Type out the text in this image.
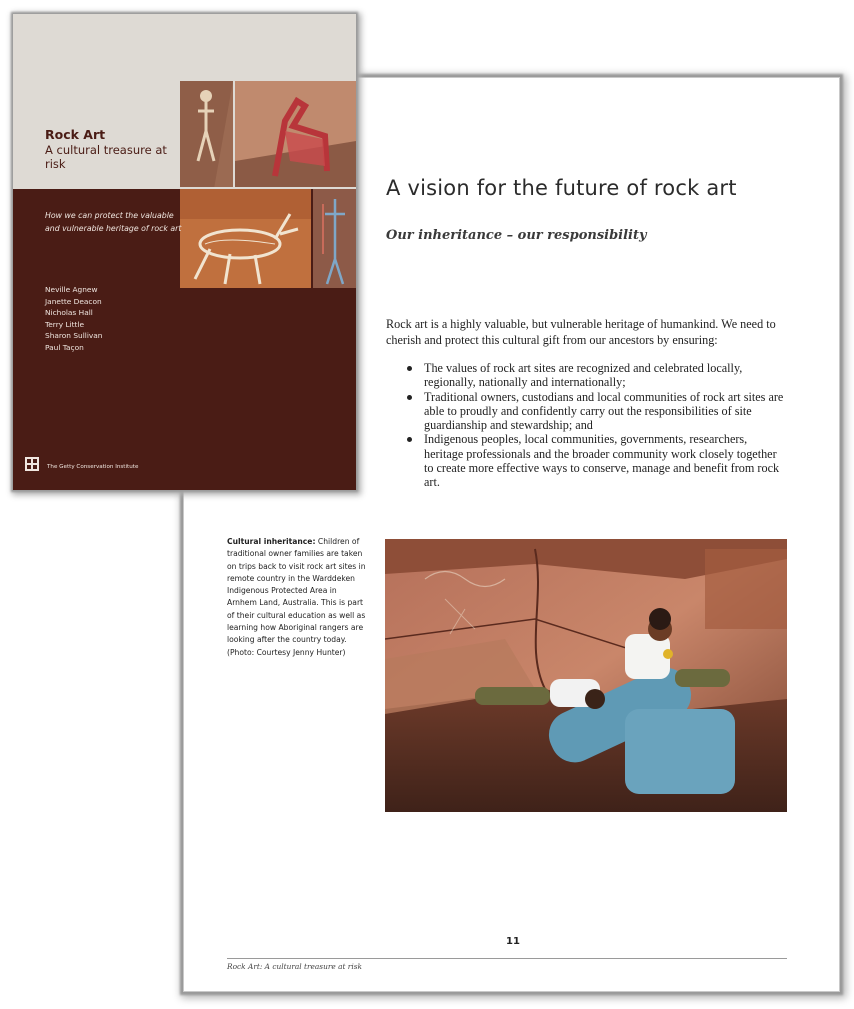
A vision for the future of rock art
Our inheritance – our responsibility

Rock art is a highly valuable, but vulnerable heritage of humankind. We need to cherish and protect this cultural gift from our ancestors by ensuring:

The values of rock art sites are recognized and celebrated locally, regionally, nationally and internationally;
Traditional owners, custodians and local communities of rock art sites are able to proudly and confidently carry out the responsibilities of site guardianship and stewardship; and
Indigenous peoples, local communities, governments, researchers, heritage professionals and the broader community work closely together to create more effective ways to conserve, manage and benefit from rock art.

Cultural inheritance: Children of traditional owner families are taken on trips back to visit rock art sites in remote country in the Warddeken Indigenous Protected Area in Arnhem Land, Australia. This is part of their cultural education as well as learning how Aboriginal rangers are looking after the country today. (Photo: Courtesy Jenny Hunter)

11

Rock Art: A cultural treasure at risk

Rock Art

A cultural treasure at risk

How we can protect the valuable and vulnerable heritage of rock art

Neville Agnew
Janette Deacon
Nicholas Hall
Terry Little
Sharon Sullivan
Paul Taçon

The Getty Conservation Institute
